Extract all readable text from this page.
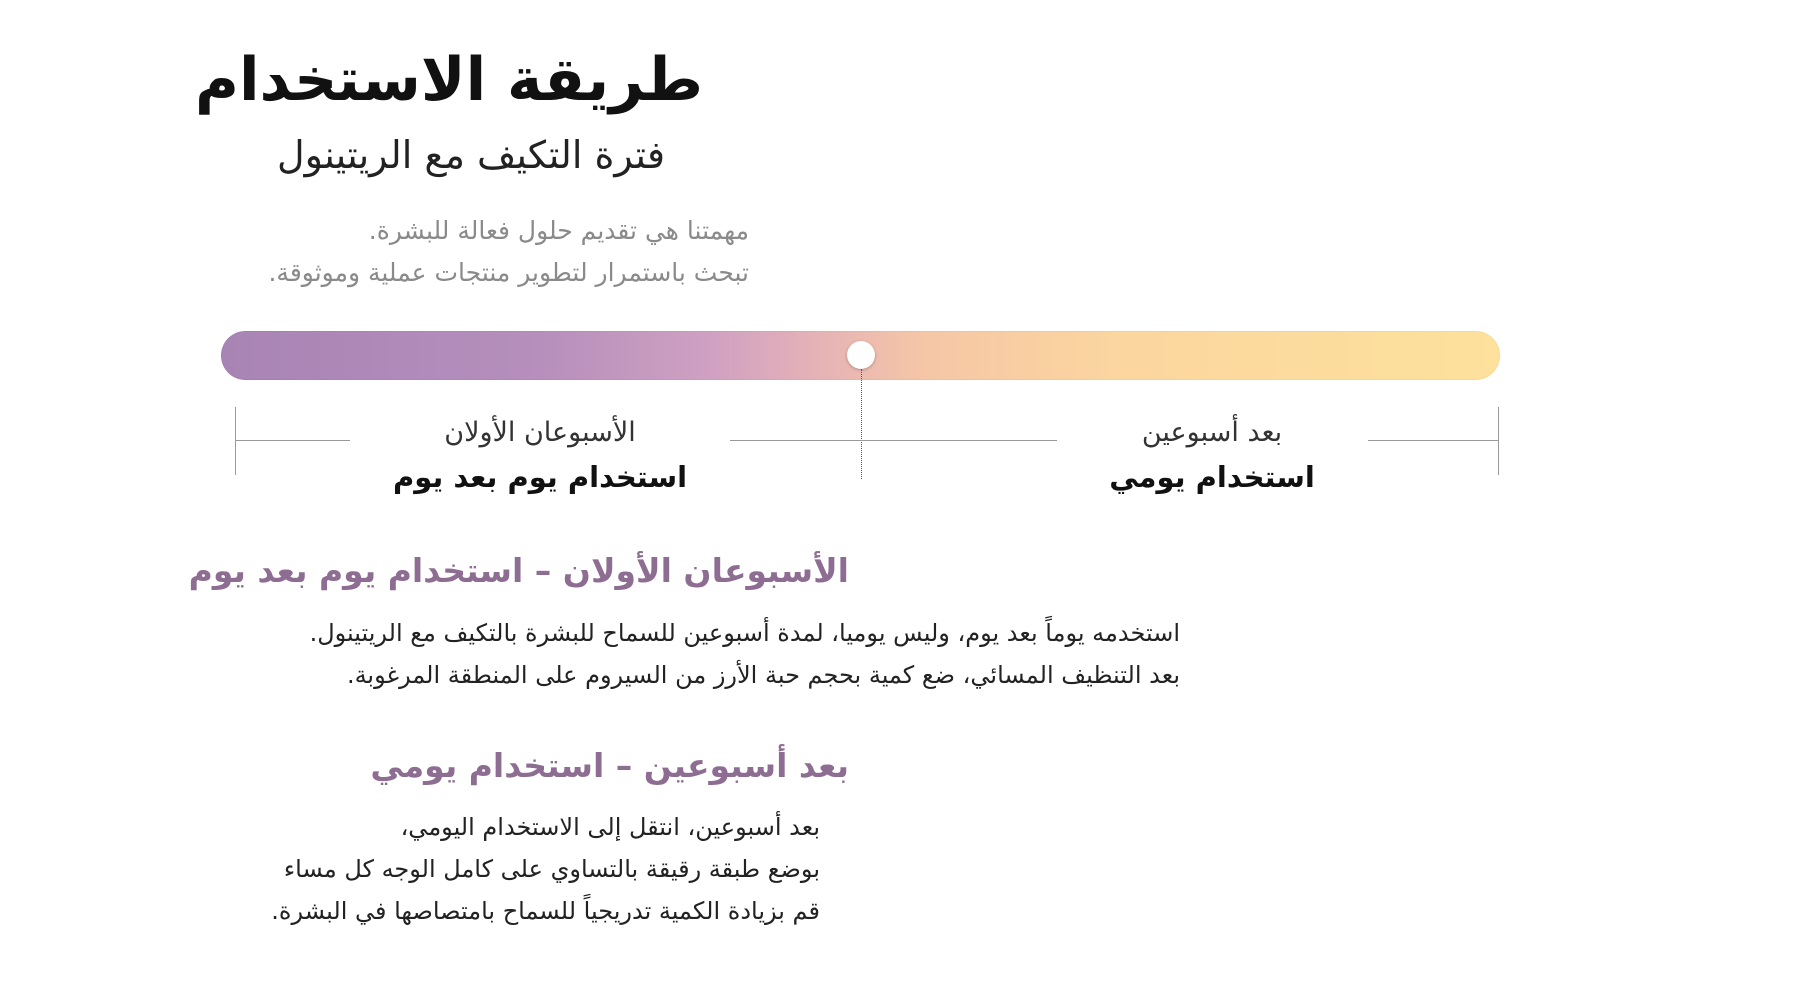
طريقة الاستخدام
فترة التكيف مع الريتينول
مهمتنا هي تقديم حلول فعالة للبشرة.
تبحث باستمرار لتطوير منتجات عملية وموثوقة.
الأسبوعان الأولان
استخدام يوم بعد يوم
بعد أسبوعين
استخدام يومي
الأسبوعان الأولان – استخدام يوم بعد يوم
استخدمه يوماً بعد يوم، وليس يوميا، لمدة أسبوعين للسماح للبشرة بالتكيف مع الريتينول.
بعد التنظيف المسائي، ضع كمية بحجم حبة الأرز من السيروم على المنطقة المرغوبة.
بعد أسبوعين – استخدام يومي
بعد أسبوعين، انتقل إلى الاستخدام اليومي،
بوضع طبقة رقيقة بالتساوي على كامل الوجه كل مساء
قم بزيادة الكمية تدريجياً للسماح بامتصاصها في البشرة.
